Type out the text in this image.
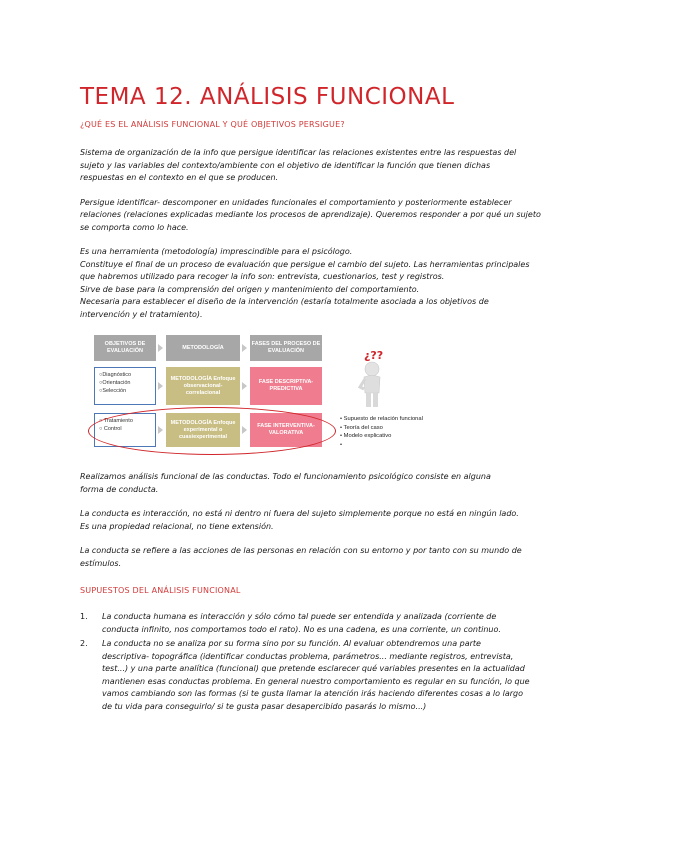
TEMA 12. ANÁLISIS FUNCIONAL
¿QUÉ ES EL ANÁLISIS FUNCIONAL Y QUÉ OBJETIVOS PERSIGUE?

Sistema de organización de la info que persigue identificar las relaciones existentes entre las respuestas del
sujeto y las variables del contexto/ambiente con el objetivo de identificar la función que tienen dichas
respuestas en el contexto en el que se producen.

Persigue identificar- descomponer en unidades funcionales el comportamiento y posteriormente establecer
relaciones (relaciones explicadas mediante los procesos de aprendizaje). Queremos responder a por qué un sujeto
se comporta como lo hace.

Es una herramienta (metodología) imprescindible para el psicólogo.
Constituye el final de un proceso de evaluación que persigue el cambio del sujeto. Las herramientas principales
que habremos utilizado para recoger la info son: entrevista, cuestionarios, test y registros.
Sirve de base para la comprensión del origen y mantenimiento del comportamiento.
Necesaria para establecer el diseño de la intervención (estaría totalmente asociada a los objetivos de
intervención y el tratamiento).

OBJETIVOS DE EVALUACIÓN
METODOLOGÍA
FASES DEL PROCESO DE EVALUACIÓN
○Diagnóstico
○Orientación
○Selección
METODOLOGÍA Enfoque observacional-correlacional
FASE DESCRIPTIVA-PREDICTIVA
○ Tratamiento
○ Control
METODOLOGÍA Enfoque experimental o cuasiexperimental
FASE INTERVENTIVA-VALORATIVA
• Supuesto de relación funcional
• Teoría del caso
• Modelo explicativo
•
¿??

Realizamos análisis funcional de las conductas. Todo el funcionamiento psicológico consiste en alguna
forma de conducta.

La conducta es interacción, no está ni dentro ni fuera del sujeto simplemente porque no está en ningún lado.
Es una propiedad relacional, no tiene extensión.

La conducta se refiere a las acciones de las personas en relación con su entorno y por tanto con su mundo de
estímulos.

SUPUESTOS DEL ANÁLISIS FUNCIONAL
1. La conducta humana es interacción y sólo cómo tal puede ser entendida y analizada (corriente de
conducta infinito, nos comportamos todo el rato). No es una cadena, es una corriente, un continuo.
2. La conducta no se analiza por su forma sino por su función. Al evaluar obtendremos una parte
descriptiva- topográfica (identificar conductas problema, parámetros... mediante registros, entrevista,
test...) y una parte analítica (funcional) que pretende esclarecer qué variables presentes en la actualidad
mantienen esas conductas problema. En general nuestro comportamiento es regular en su función, lo que
vamos cambiando son las formas (si te gusta llamar la atención irás haciendo diferentes cosas a lo largo
de tu vida para conseguirlo/ si te gusta pasar desapercibido pasarás lo mismo...)
